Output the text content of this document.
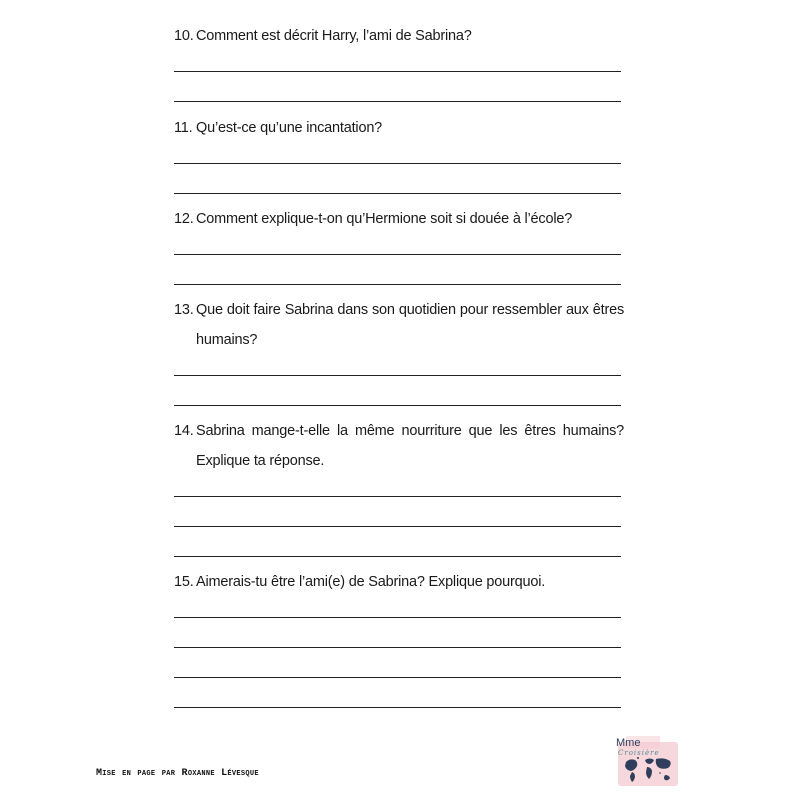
10. Comment est décrit Harry, l’ami de Sabrina?
11. Qu’est-ce qu’une incantation?
12. Comment explique-t-on qu’Hermione soit si douée à l’école?
13. Que doit faire Sabrina dans son quotidien pour ressembler aux êtres humains?
14. Sabrina mange-t-elle la même nourriture que les êtres humains? Explique ta réponse.
15. Aimerais-tu être l’ami(e) de Sabrina? Explique pourquoi.
Mise en page par Roxanne Lévesque
Mme
Croisière
